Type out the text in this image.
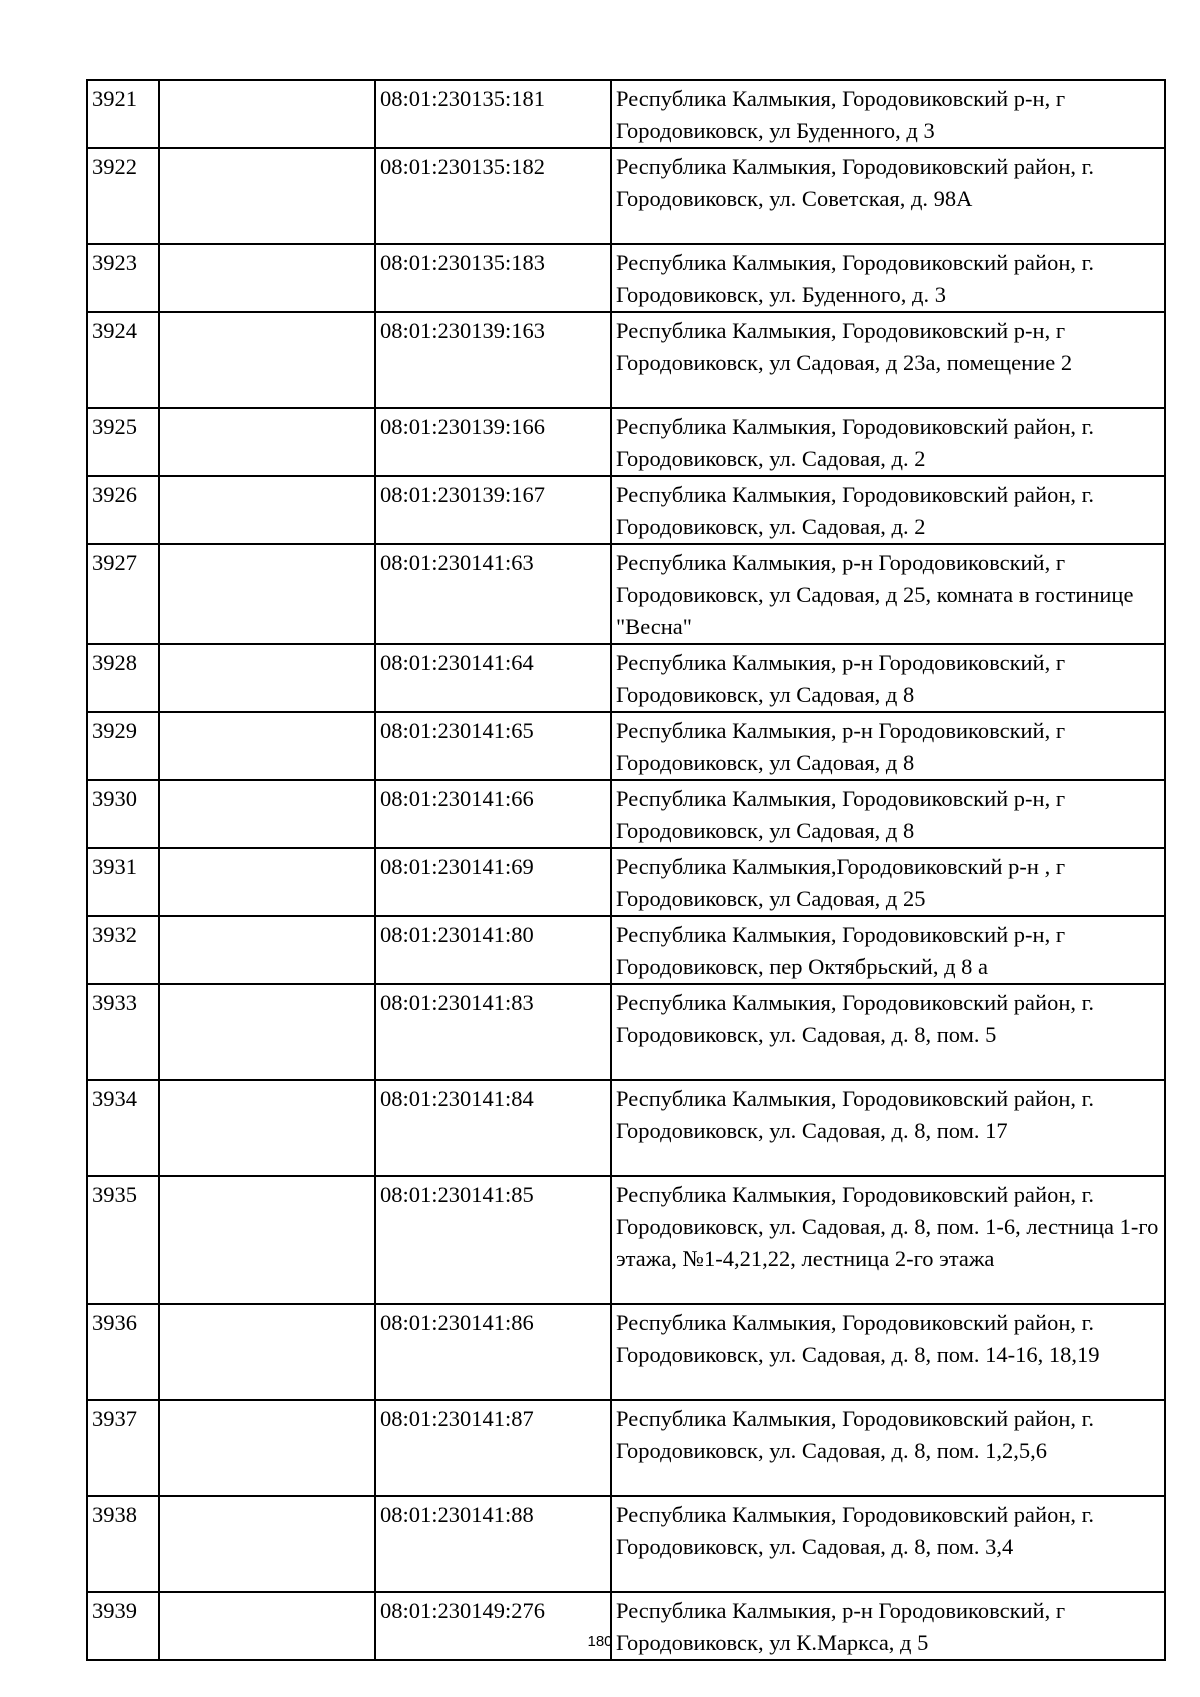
3921		08:01:230135:181	Республика Калмыкия, Городовиковский р-н, г Городовиковск, ул Буденного, д 3
3922		08:01:230135:182	Республика Калмыкия, Городовиковский район, г. Городовиковск, ул. Советская, д. 98А
3923		08:01:230135:183	Республика Калмыкия, Городовиковский район, г. Городовиковск, ул. Буденного, д. 3
3924		08:01:230139:163	Республика Калмыкия, Городовиковский р-н, г Городовиковск, ул Садовая, д 23а, помещение 2
3925		08:01:230139:166	Республика Калмыкия, Городовиковский район, г. Городовиковск, ул. Садовая, д. 2
3926		08:01:230139:167	Республика Калмыкия, Городовиковский район, г. Городовиковск, ул. Садовая, д. 2
3927		08:01:230141:63	Республика Калмыкия, р-н Городовиковский, г Городовиковск, ул Садовая, д 25, комната в гостинице "Весна"
3928		08:01:230141:64	Республика Калмыкия, р-н Городовиковский, г Городовиковск, ул Садовая, д 8
3929		08:01:230141:65	Республика Калмыкия, р-н Городовиковский, г Городовиковск, ул Садовая, д 8
3930		08:01:230141:66	Республика Калмыкия, Городовиковский р-н, г Городовиковск, ул Садовая, д 8
3931		08:01:230141:69	Республика Калмыкия,Городовиковский р-н , г Городовиковск, ул Садовая, д 25
3932		08:01:230141:80	Республика Калмыкия, Городовиковский р-н, г Городовиковск, пер Октябрьский, д 8 а
3933		08:01:230141:83	Республика Калмыкия, Городовиковский район, г. Городовиковск, ул. Садовая, д. 8, пом. 5
3934		08:01:230141:84	Республика Калмыкия, Городовиковский район, г. Городовиковск, ул. Садовая, д. 8, пом. 17
3935		08:01:230141:85	Республика Калмыкия, Городовиковский район, г. Городовиковск, ул. Садовая, д. 8, пом. 1-6, лестница 1-го этажа, №1-4,21,22, лестница 2-го этажа
3936		08:01:230141:86	Республика Калмыкия, Городовиковский район, г. Городовиковск, ул. Садовая, д. 8, пом. 14-16, 18,19
3937		08:01:230141:87	Республика Калмыкия, Городовиковский район, г. Городовиковск, ул. Садовая, д. 8, пом. 1,2,5,6
3938		08:01:230141:88	Республика Калмыкия, Городовиковский район, г. Городовиковск, ул. Садовая, д. 8, пом. 3,4
3939		08:01:230149:276	Республика Калмыкия, р-н Городовиковский, г Городовиковск, ул К.Маркса, д 5
180
